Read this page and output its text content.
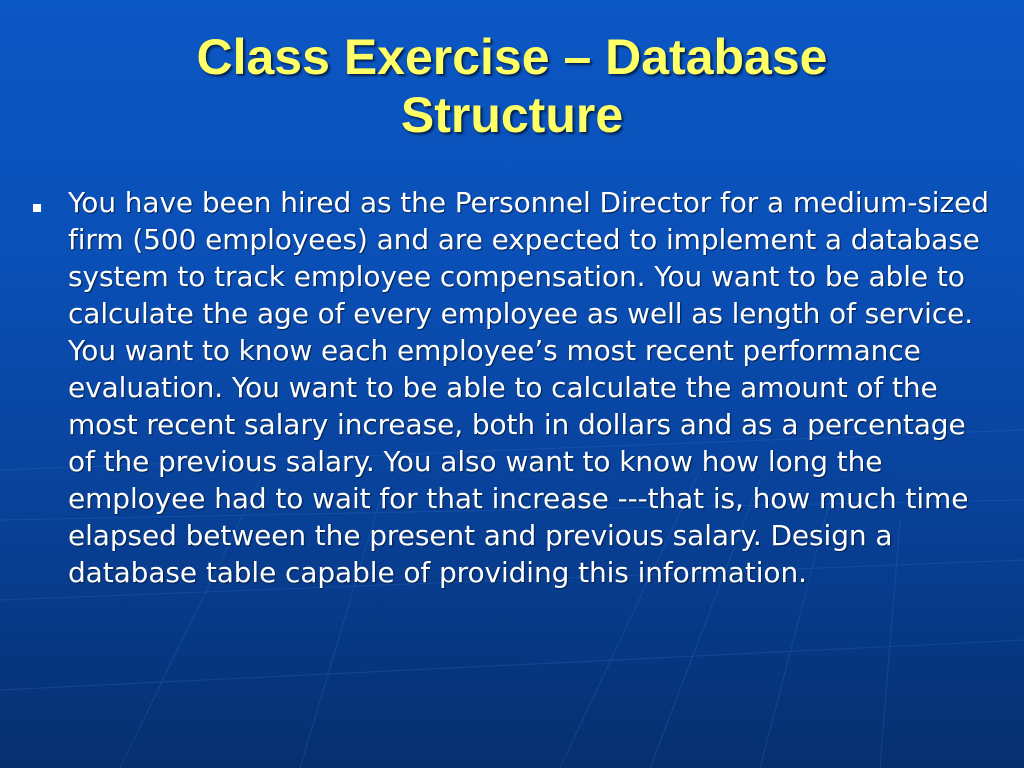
Class Exercise – Database
Structure
You have been hired as the Personnel Director for a medium-sized firm (500 employees) and are expected to implement a database system to track employee compensation. You want to be able to calculate the age of every employee as well as length of service. You want to know each employee’s most recent performance evaluation. You want to be able to calculate the amount of the most recent salary increase, both in dollars and as a percentage of the previous salary. You also want to know how long the employee had to wait for that increase ---that is, how much time elapsed between the present and previous salary. Design a database table capable of providing this information.
